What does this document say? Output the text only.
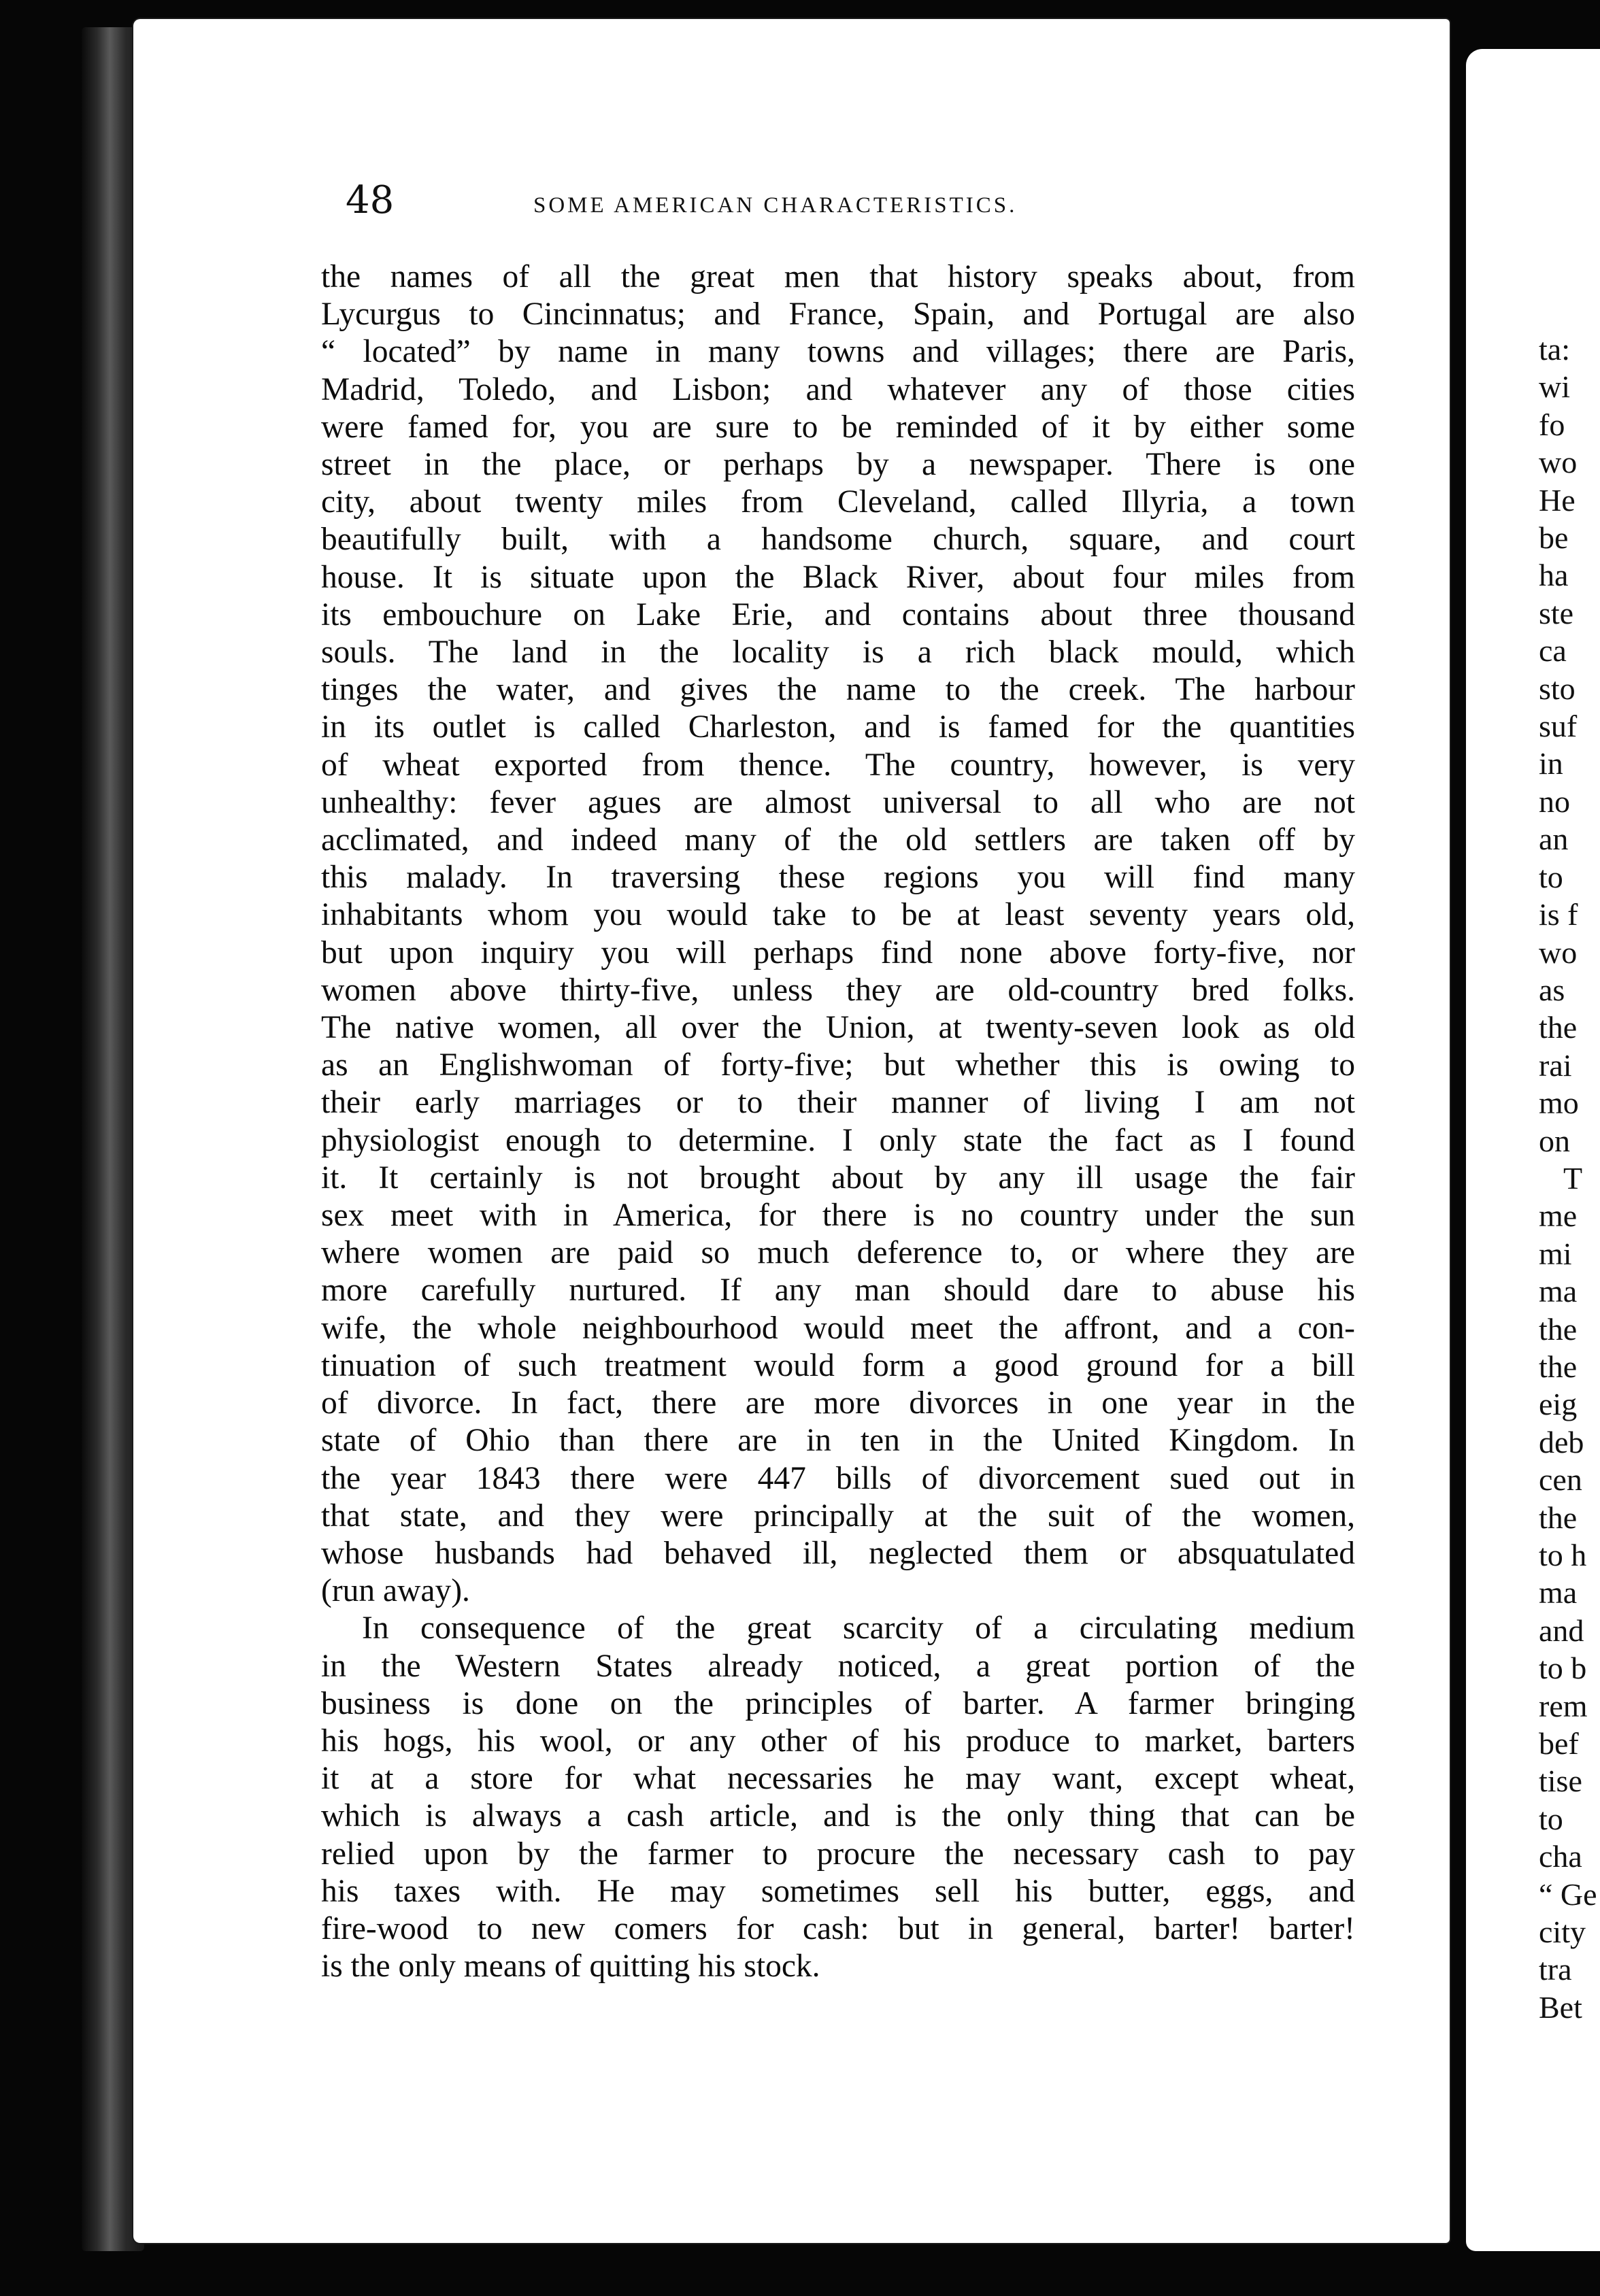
48	SOME AMERICAN CHARACTERISTICS.
the names of all the great men that history speaks about, from
Lycurgus to Cincinnatus; and France, Spain, and Portugal are also
“ located” by name in many towns and villages; there are Paris,
Madrid, Toledo, and Lisbon; and whatever any of those cities
were famed for, you are sure to be reminded of it by either some
street in the place, or perhaps by a newspaper. There is one
city, about twenty miles from Cleveland, called Illyria, a town
beautifully built, with a handsome church, square, and court
house. It is situate upon the Black River, about four miles from
its embouchure on Lake Erie, and contains about three thousand
souls. The land in the locality is a rich black mould, which
tinges the water, and gives the name to the creek. The harbour
in its outlet is called Charleston, and is famed for the quantities
of wheat exported from thence. The country, however, is very
unhealthy: fever agues are almost universal to all who are not
acclimated, and indeed many of the old settlers are taken off by
this malady. In traversing these regions you will find many
inhabitants whom you would take to be at least seventy years old,
but upon inquiry you will perhaps find none above forty-five, nor
women above thirty-five, unless they are old-country bred folks.
The native women, all over the Union, at twenty-seven look as old
as an Englishwoman of forty-five; but whether this is owing to
their early marriages or to their manner of living I am not
physiologist enough to determine. I only state the fact as I found
it. It certainly is not brought about by any ill usage the fair
sex meet with in America, for there is no country under the sun
where women are paid so much deference to, or where they are
more carefully nurtured. If any man should dare to abuse his
wife, the whole neighbourhood would meet the affront, and a con-
tinuation of such treatment would form a good ground for a bill
of divorce. In fact, there are more divorces in one year in the
state of Ohio than there are in ten in the United Kingdom. In
the year 1843 there were 447 bills of divorcement sued out in
that state, and they were principally at the suit of the women,
whose husbands had behaved ill, neglected them or absquatulated
(run away).
In consequence of the great scarcity of a circulating medium
in the Western States already noticed, a great portion of the
business is done on the principles of barter. A farmer bringing
his hogs, his wool, or any other of his produce to market, barters
it at a store for what necessaries he may want, except wheat,
which is always a cash article, and is the only thing that can be
relied upon by the farmer to procure the necessary cash to pay
his taxes with. He may sometimes sell his butter, eggs, and
fire-wood to new comers for cash: but in general, barter! barter!
is the only means of quitting his stock.
ta:
wi
fo
wo
He
be
ha
ste
ca
sto
suf
in
no
an
to
is f
wo
as
the
rai
mo
on
T
me
mi
ma
the
the
eig
deb
cen
the
to h
ma
and
to b
rem
bef
tise
to
cha
“ Ge
city
tra
Bet
